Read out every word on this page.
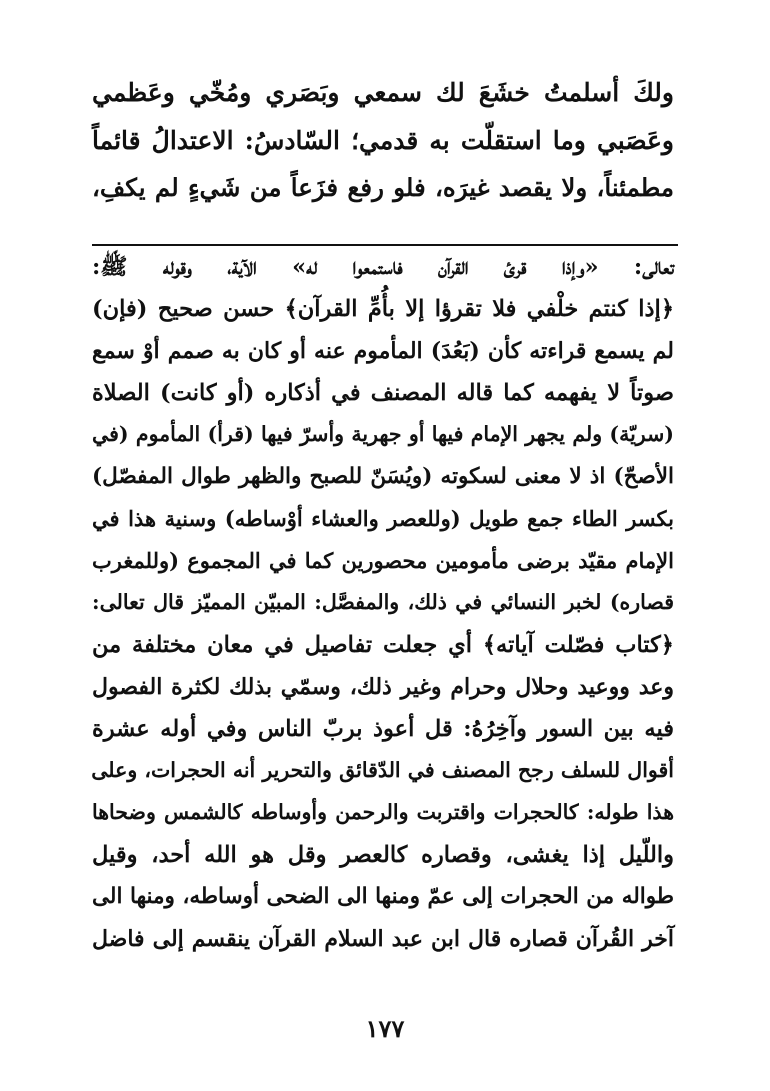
ولكَ أسلمتُ خشَعَ لك سمعي وبَصَري ومُخّي وعَظمي
وعَصَبي وما استقلّت به قدمي؛ السّادسُ: الاعتدالُ قائماً
مطمئناً، ولا يقصد غيرَه، فلو رفع فزَعاً من شَيءٍ لم يكفِ،
تعالى: «وإذا قرئ القرآن فاستمعوا له» الآية، وقوله ﷺ:
﴿إذا كنتم خلْفي فلا تقرؤا إلا بأُمِّ القرآن﴾ حسن صحيح (فإن)
لم يسمع قراءته كأن (بَعُدَ) المأموم عنه أو كان به صمم أوْ سمع
صوتاً لا يفهمه كما قاله المصنف في أذكاره (أو كانت) الصلاة
(سريّة) ولم يجهر الإمام فيها أو جهرية وأسرّ فيها (قرأ) المأموم (في
الأصحّ) اذ لا معنى لسكوته (ويُسَنّ للصبح والظهر طوال المفصّل)
بكسر الطاء جمع طويل (وللعصر والعشاء أوْساطه) وسنية هذا في
الإمام مقيّد برضى مأمومين محصورين كما في المجموع (وللمغرب
قصاره) لخبر النسائي في ذلك، والمفصَّل: المبيّن المميّز قال تعالى:
﴿كتاب فصّلت آياته﴾ أي جعلت تفاصيل في معان مختلفة من
وعد ووعيد وحلال وحرام وغير ذلك، وسمّي بذلك لكثرة الفصول
فيه بين السور وآخِرُهُ: قل أعوذ بربّ الناس وفي أوله عشرة
أقوال للسلف رجح المصنف في الدّقائق والتحرير أنه الحجرات، وعلى
هذا طوله: كالحجرات واقتربت والرحمن وأوساطه كالشمس وضحاها
واللّيل إذا يغشى، وقصاره كالعصر وقل هو الله أحد، وقيل
طواله من الحجرات إلى عمّ ومنها الى الضحى أوساطه، ومنها الى
آخر القُرآن قصاره قال ابن عبد السلام القرآن ينقسم إلى فاضل
١٧٧
